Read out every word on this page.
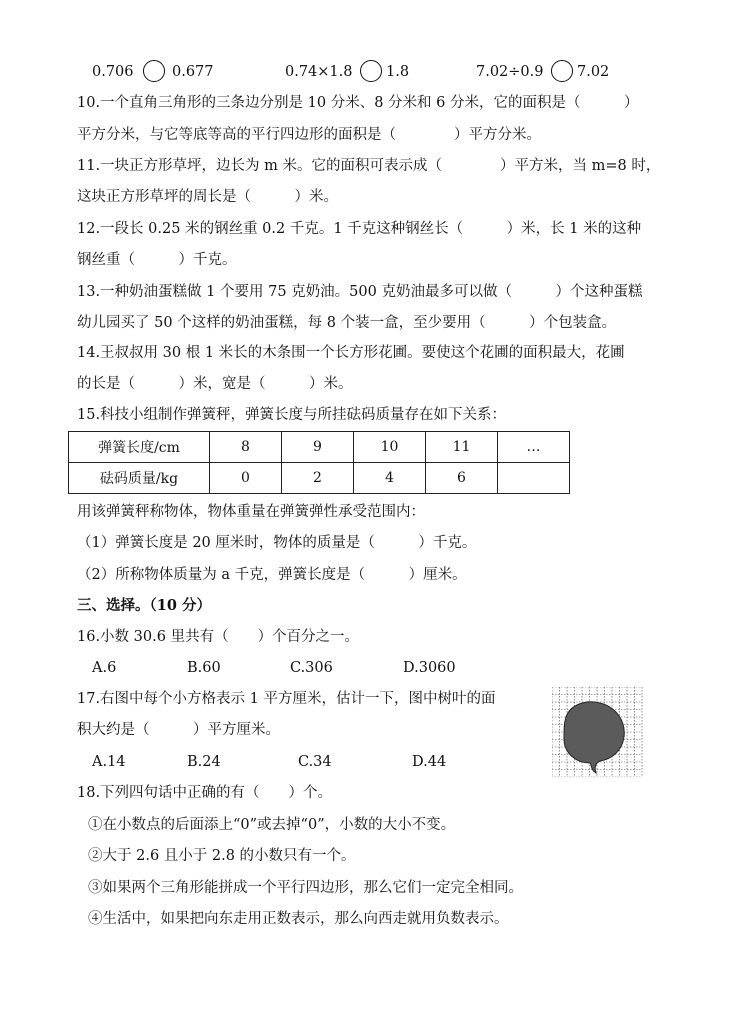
0.706	0.677	0.74×1.8 1.8	7.02÷0.9 7.02
10.一个直角三角形的三条边分别是 10 分米、8 分米和 6 分米，它的面积是（　　　）
平方分米，与它等底等高的平行四边形的面积是（　　　　）平方分米。
11.一块正方形草坪，边长为 m 米。它的面积可表示成（　　　　）平方米，当 m=8 时，
这块正方形草坪的周长是（　　　）米。
12.一段长 0.25 米的钢丝重 0.2 千克。1 千克这种钢丝长（　　　）米，长 1 米的这种
钢丝重（　　　）千克。
13.一种奶油蛋糕做 1 个要用 75 克奶油。500 克奶油最多可以做（　　　）个这种蛋糕
幼儿园买了 50 个这样的奶油蛋糕，每 8 个装一盒，至少要用（　　　）个包装盒。
14.王叔叔用 30 根 1 米长的木条围一个长方形花圃。要使这个花圃的面积最大，花圃
的长是（　　　）米，宽是（　　　）米。
15.科技小组制作弹簧秤，弹簧长度与所挂砝码质量存在如下关系：
弹簧长度/cm	8	9	10	11	…
砝码质量/kg	0	2	4	6	
用该弹簧秤称物体，物体重量在弹簧弹性承受范围内：
（1）弹簧长度是 20 厘米时，物体的质量是（　　　）千克。
（2）所称物体质量为 a 千克，弹簧长度是（　　　）厘米。
三、选择。（10 分）
16.小数 30.6 里共有（　　）个百分之一。
A.6	B.60	C.306	D.3060
17.右图中每个小方格表示 1 平方厘米，估计一下，图中树叶的面
积大约是（　　　）平方厘米。
A.14	B.24	C.34	D.44
18.下列四句话中正确的有（　　）个。
①在小数点的后面添上“0”或去掉“0”，小数的大小不变。
②大于 2.6 且小于 2.8 的小数只有一个。
③如果两个三角形能拼成一个平行四边形，那么它们一定完全相同。
④生活中，如果把向东走用正数表示，那么向西走就用负数表示。
